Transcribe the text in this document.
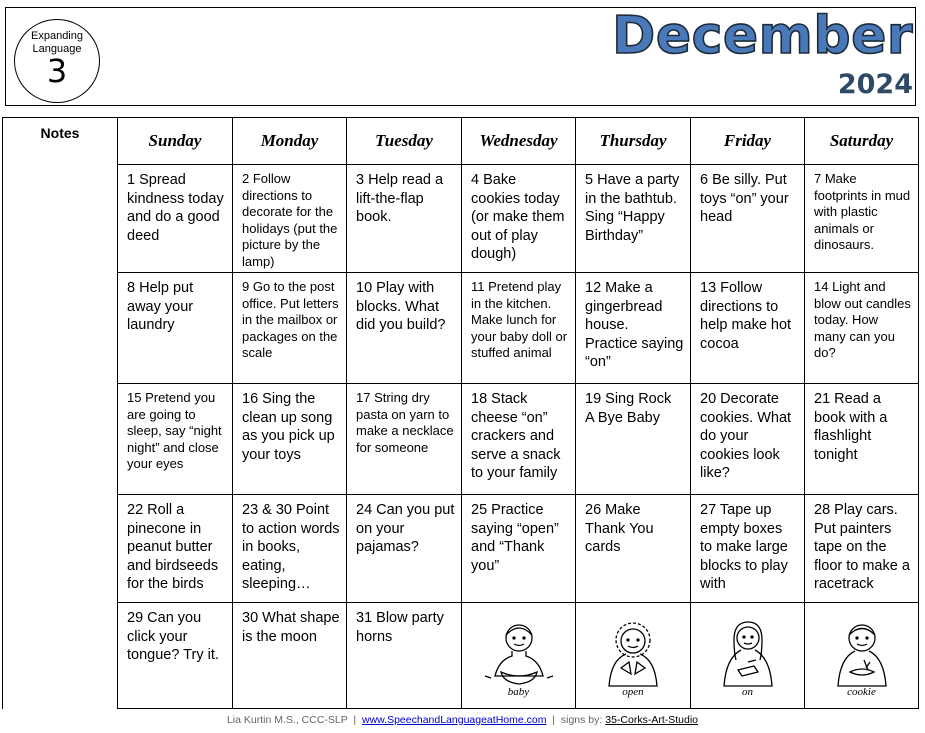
Expanding
Language
3
December
2024
Notes	Sunday	Monday	Tuesday	Wednesday	Thursday	Friday	Saturday
	1 Spread kindness today and do a good deed	2 Follow directions to decorate for the holidays (put the picture by the lamp)	3 Help read a lift-the-flap book.	4 Bake cookies today (or make them out of play dough)	5 Have a party in the bathtub. Sing “Happy Birthday”	6 Be silly. Put toys “on” your head	7 Make footprints in mud with plastic animals or dinosaurs.
	8 Help put away your laundry	9 Go to the post office. Put letters in the mailbox or packages on the scale	10 Play with blocks. What did you build?	11 Pretend play in the kitchen. Make lunch for your baby doll or stuffed animal	12 Make a gingerbread house. Practice saying “on”	13 Follow directions to help make hot cocoa	14 Light and blow out candles today. How many can you do?
	15 Pretend you are going to sleep, say “night night” and close your eyes	16 Sing the clean up song as you pick up your toys	17 String dry pasta on yarn to make a necklace for someone	18 Stack cheese “on” crackers and serve a snack to your family	19 Sing Rock A Bye Baby	20 Decorate cookies. What do your cookies look like?	21 Read a book with a flashlight tonight
	22 Roll a pinecone in peanut butter and birdseeds for the birds	23 & 30 Point to action words in books, eating, sleeping…	24 Can you put on your pajamas?	25 Practice saying “open” and “Thank you”	26 Make Thank You cards	27 Tape up empty boxes to make large blocks to play with	28 Play cars. Put painters tape on the floor to make a racetrack
	29 Can you click your tongue? Try it.	30 What shape is the moon	31 Blow party horns	baby	open	on	cookie
Lia Kurtin M.S., CCC-SLP | www.SpeechandLanguageatHome.com | signs by: 35-Corks-Art-Studio
